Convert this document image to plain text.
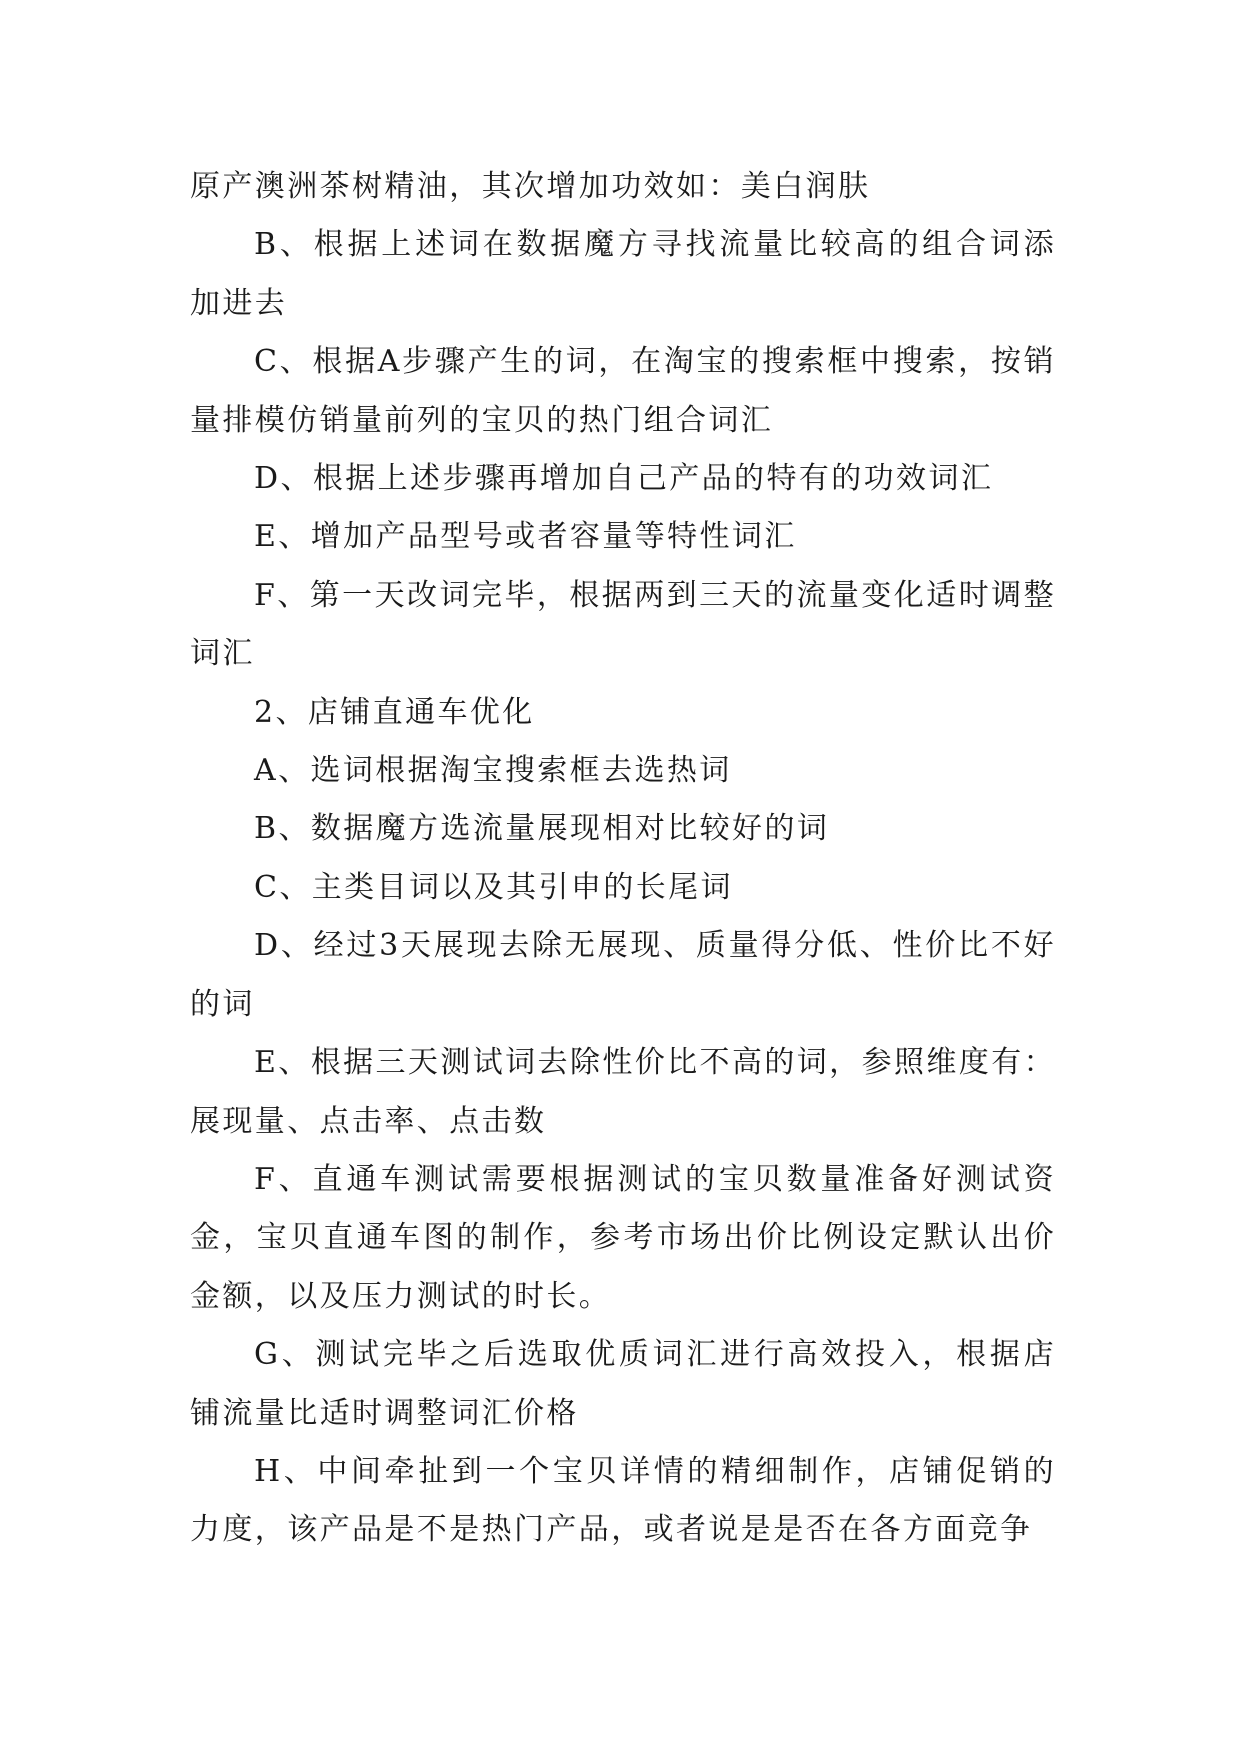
原产澳洲茶树精油，其次增加功效如：美白润肤

B、根据上述词在数据魔方寻找流量比较高的组合词添加进去

C、根据A步骤产生的词，在淘宝的搜索框中搜索，按销量排模仿销量前列的宝贝的热门组合词汇

D、根据上述步骤再增加自己产品的特有的功效词汇

E、增加产品型号或者容量等特性词汇

F、第一天改词完毕，根据两到三天的流量变化适时调整词汇

2、店铺直通车优化

A、选词根据淘宝搜索框去选热词

B、数据魔方选流量展现相对比较好的词

C、主类目词以及其引申的长尾词

D、经过3天展现去除无展现、质量得分低、性价比不好的词

E、根据三天测试词去除性价比不高的词，参照维度有：展现量、点击率、点击数

F、直通车测试需要根据测试的宝贝数量准备好测试资金，宝贝直通车图的制作，参考市场出价比例设定默认出价金额，以及压力测试的时长。

G、测试完毕之后选取优质词汇进行高效投入，根据店铺流量比适时调整词汇价格

H、中间牵扯到一个宝贝详情的精细制作，店铺促销的力度，该产品是不是热门产品，或者说是是否在各方面竞争
